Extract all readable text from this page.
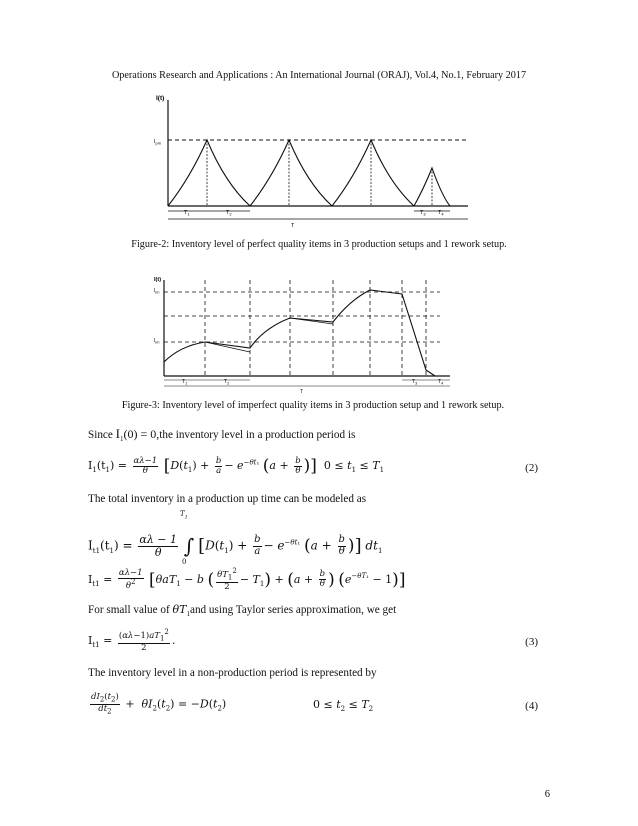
Operations Research and Applications : An International Journal (ORAJ), Vol.4, No.1, February 2017
I(t)
$I_{pm}$
$T_1$	$T_2$	$T_3$ $T_4$
T
Figure-2: Inventory level of perfect quality items in 3 production setups and 1 rework setup.
I(t)
$I_{im}$
$I_{im}$
$T_1$	$T_2$	$T_3$	$T_4$
T
Figure-3: Inventory level of imperfect quality items in 3 production setup and 1 rework setup.
Since $I_1(0) = 0,the$ inventory level in a production period is
$I_1(t_1) = \frac{\alpha\lambda-1}{\theta} [D(t_1) + \frac{b}{a} - e^{-\theta t_1}$ ($a + \frac{b}{\theta}$ )]  $0 \le t_1 \le T_1$	(2)
The total inventory in a production up time can be modeled as
$T_1$
$I_{t1}(t_1) = \frac{\alpha\lambda - 1}{\theta}$ ∫ [$D(t_1) + \frac{b}{a} - e^{-\theta t_1}$ ($a + \frac{b}{\theta}$ )] $dt_1$
0
$I_{t1} = \frac{\alpha\lambda-1}{\theta^2} [\theta aT_1 - b$ ( $\frac{\theta T_1^2}{2} - T_1) + (a + \frac{b}{\theta}$ ) $(e^{-\theta T_1} - 1)$]
For small value of $\theta T_1and$ using Taylor series approximation, we get
$I_{t1} = \frac{(\alpha\lambda-1)aT_1^2}{2}$ .	(3)
The inventory level in a non-production period is represented by
$\frac{dI_2(t_2)}{dt_2} + \theta I_2(t_2) = -D(t_2)$	$0 \le t_2 \le T_2$	(4)
6
